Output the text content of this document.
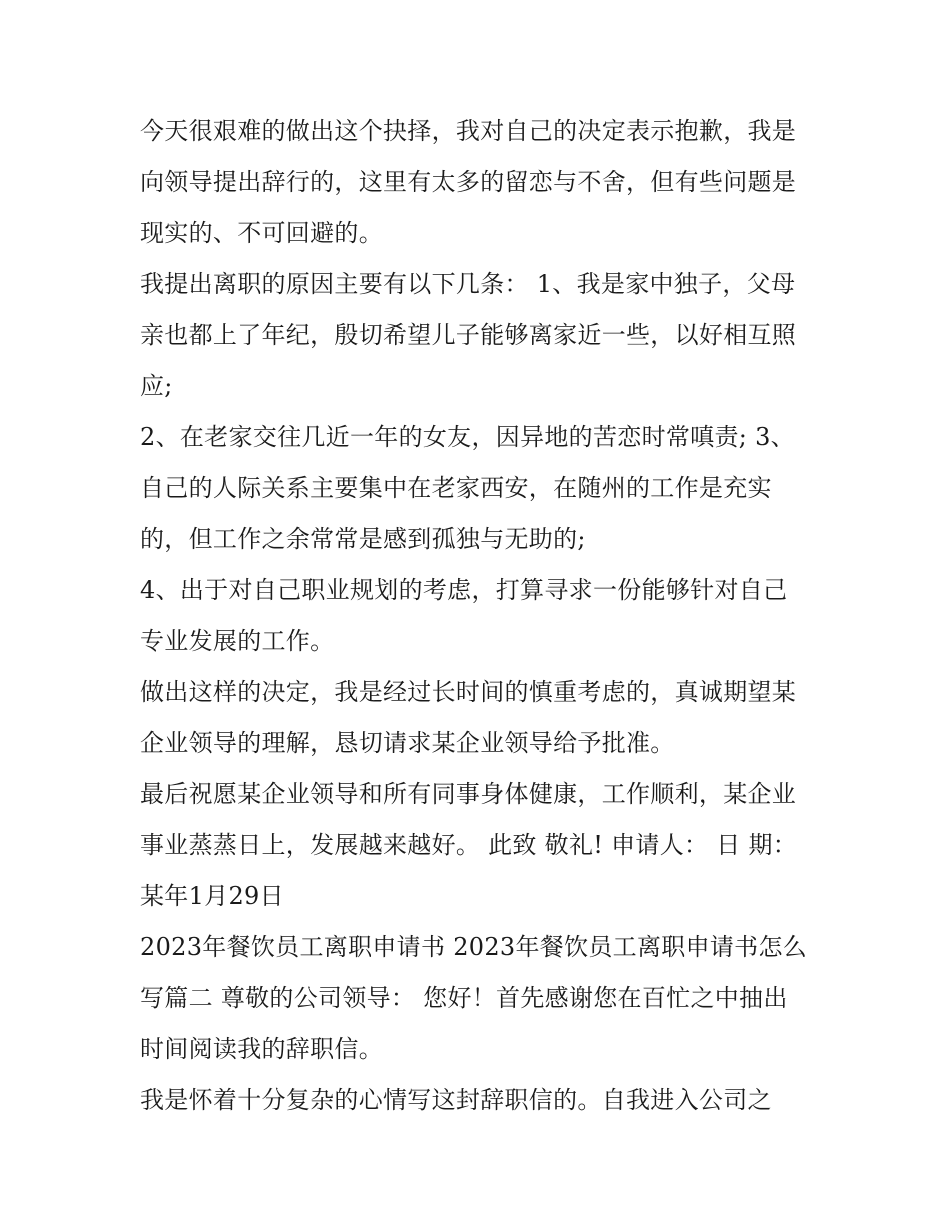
今天很艰难的做出这个抉择，我对自己的决定表示抱歉，我是
向领导提出辞行的，这里有太多的留恋与不舍，但有些问题是
现实的、不可回避的。
我提出离职的原因主要有以下几条： 1、我是家中独子，父母
亲也都上了年纪，殷切希望儿子能够离家近一些，以好相互照
应;
2、在老家交往几近一年的女友，因异地的苦恋时常嗔责; 3、
自己的人际关系主要集中在老家西安，在随州的工作是充实
的，但工作之余常常是感到孤独与无助的;
4、出于对自己职业规划的考虑，打算寻求一份能够针对自己
专业发展的工作。
做出这样的决定，我是经过长时间的慎重考虑的，真诚期望某
企业领导的理解，恳切请求某企业领导给予批准。
最后祝愿某企业领导和所有同事身体健康，工作顺利，某企业
事业蒸蒸日上，发展越来越好。 此致 敬礼! 申请人： 日 期：
某年1月29日
2023年餐饮员工离职申请书 2023年餐饮员工离职申请书怎么
写篇二 尊敬的公司领导： 您好！首先感谢您在百忙之中抽出
时间阅读我的辞职信。
我是怀着十分复杂的心情写这封辞职信的。自我进入公司之
